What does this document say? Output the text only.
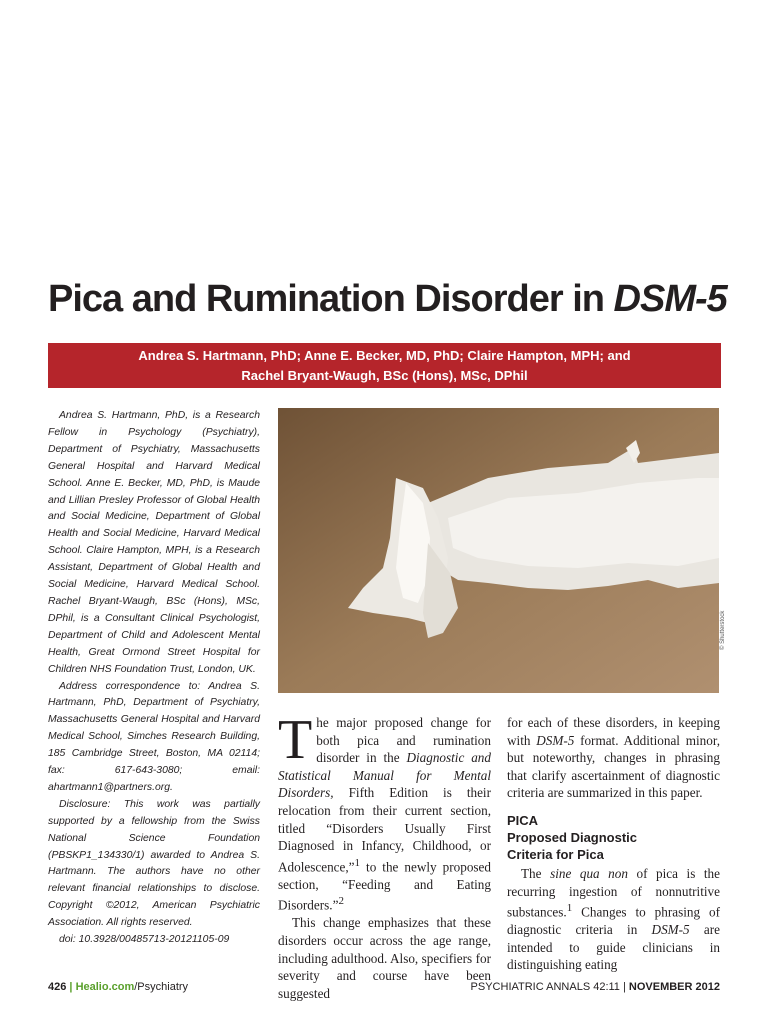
Pica and Rumination Disorder in DSM-5
Andrea S. Hartmann, PhD; Anne E. Becker, MD, PhD; Claire Hampton, MPH; and
Rachel Bryant-Waugh, BSc (Hons), MSc, DPhil

Andrea S. Hartmann, PhD, is a Research Fellow in Psychology (Psychiatry), Department of Psychiatry, Massachusetts General Hospital and Harvard Medical School. Anne E. Becker, MD, PhD, is Maude and Lillian Presley Professor of Global Health and Social Medicine, Department of Global Health and Social Medicine, Harvard Medical School. Claire Hampton, MPH, is a Research Assistant, Department of Global Health and Social Medicine, Harvard Medical School. Rachel Bryant-Waugh, BSc (Hons), MSc, DPhil, is a Consultant Clinical Psychologist, Department of Child and Adolescent Mental Health, Great Ormond Street Hospital for Children NHS Foundation Trust, London, UK.

Address correspondence to: Andrea S. Hartmann, PhD, Department of Psychiatry, Massachusetts General Hospital and Harvard Medical School, Simches Research Building, 185 Cambridge Street, Boston, MA 02114; fax: 617-643-3080; email: ahartmann1@partners.org.

Disclosure: This work was partially supported by a fellowship from the Swiss National Science Foundation (PBSKP1_134330/1) awarded to Andrea S. Hartmann. The authors have no other relevant financial relationships to disclose. Copyright ©2012, American Psychiatric Association. All rights reserved.

doi: 10.3928/00485713-20121105-09

© Shutterstock

The major proposed change for both pica and rumination disorder in the Diagnostic and Statistical Manual for Mental Disorders, Fifth Edition is their relocation from their current section, titled “Disorders Usually First Diagnosed in Infancy, Childhood, or Adolescence,”$^1$ to the newly proposed section, “Feeding and Eating Disorders.”$^2$

This change emphasizes that these disorders occur across the age range, including adulthood. Also, specifiers for severity and course have been suggested

for each of these disorders, in keeping with DSM-5 format. Additional minor, but noteworthy, changes in phrasing that clarify ascertainment of diagnostic criteria are summarized in this paper.

PICA

Proposed Diagnostic
Criteria for Pica

The sine qua non of pica is the recurring ingestion of nonnutritive substances.$^1$ Changes to phrasing of diagnostic criteria in DSM-5 are intended to guide clinicians in distinguishing eating

426 | Healio.com/Psychiatry	PSYCHIATRIC ANNALS 42:11 | NOVEMBER 2012
